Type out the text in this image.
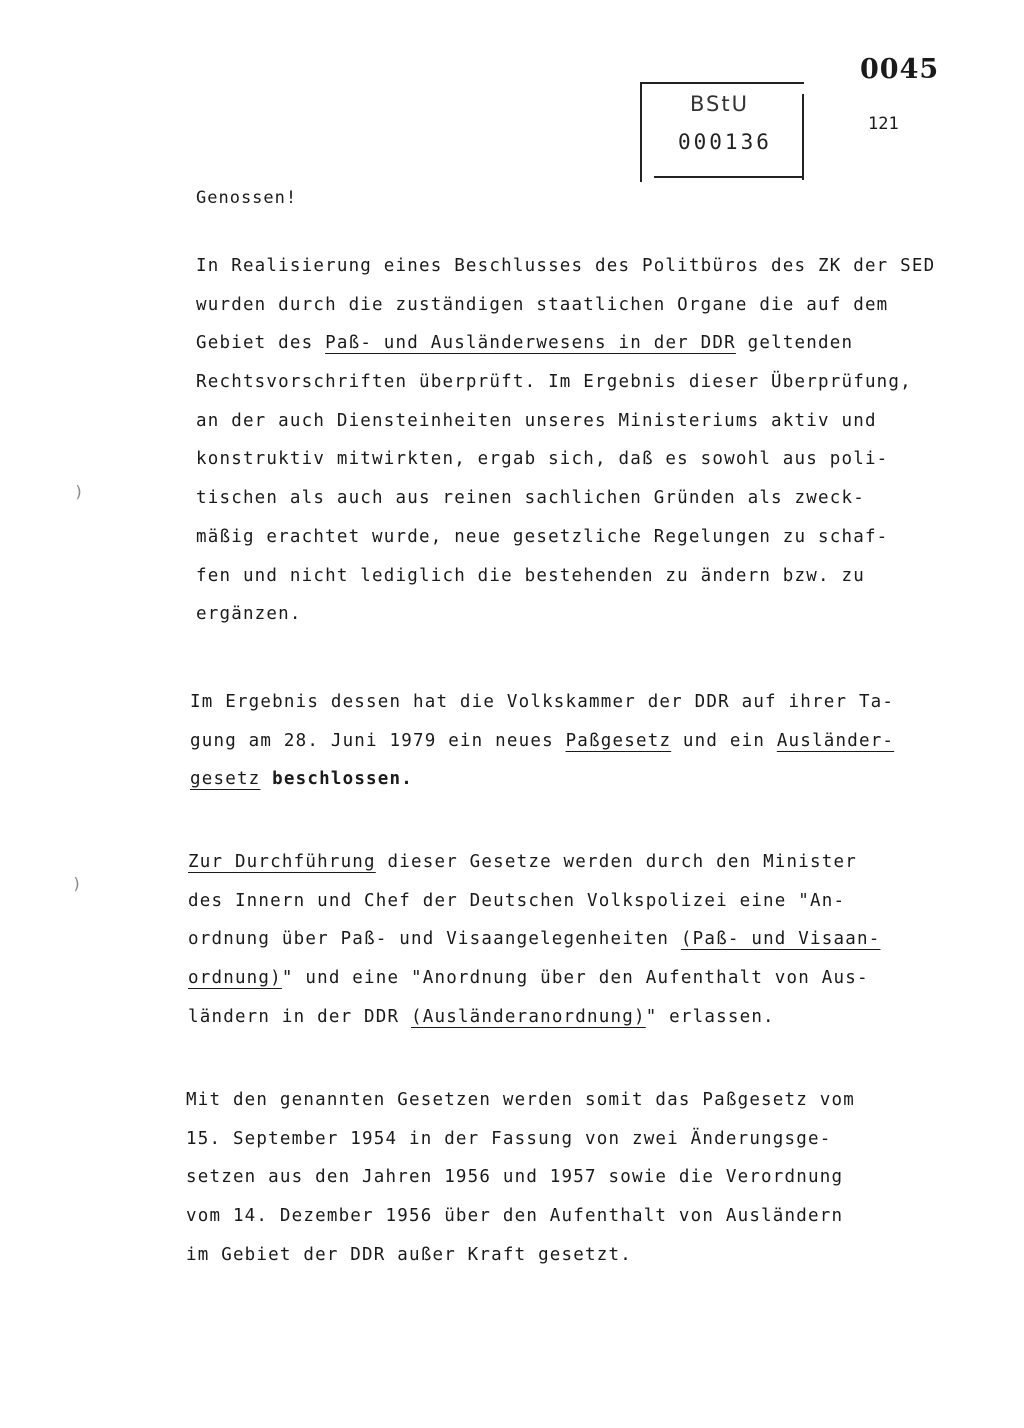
BStU
000136
0045
121
Genossen!
In Realisierung eines Beschlusses des Politbüros des ZK der SED
wurden durch die zuständigen staatlichen Organe die auf dem
Gebiet des Paß- und Ausländerwesens in der DDR geltenden
Rechtsvorschriften überprüft. Im Ergebnis dieser Überprüfung,
an der auch Diensteinheiten unseres Ministeriums aktiv und
konstruktiv mitwirkten, ergab sich, daß es sowohl aus poli-
tischen als auch aus reinen sachlichen Gründen als zweck-
mäßig erachtet wurde, neue gesetzliche Regelungen zu schaf-
fen und nicht lediglich die bestehenden zu ändern bzw. zu
ergänzen.
Im Ergebnis dessen hat die Volkskammer der DDR auf ihrer Ta-
gung am 28. Juni 1979 ein neues Paßgesetz und ein Ausländer-
gesetz beschlossen.
Zur Durchführung dieser Gesetze werden durch den Minister
des Innern und Chef der Deutschen Volkspolizei eine "An-
ordnung über Paß- und Visaangelegenheiten (Paß- und Visaan-
ordnung)" und eine "Anordnung über den Aufenthalt von Aus-
ländern in der DDR (Ausländeranordnung)" erlassen.
Mit den genannten Gesetzen werden somit das Paßgesetz vom
15. September 1954 in der Fassung von zwei Änderungsge-
setzen aus den Jahren 1956 und 1957 sowie die Verordnung
vom 14. Dezember 1956 über den Aufenthalt von Ausländern
im Gebiet der DDR außer Kraft gesetzt.
)
)
